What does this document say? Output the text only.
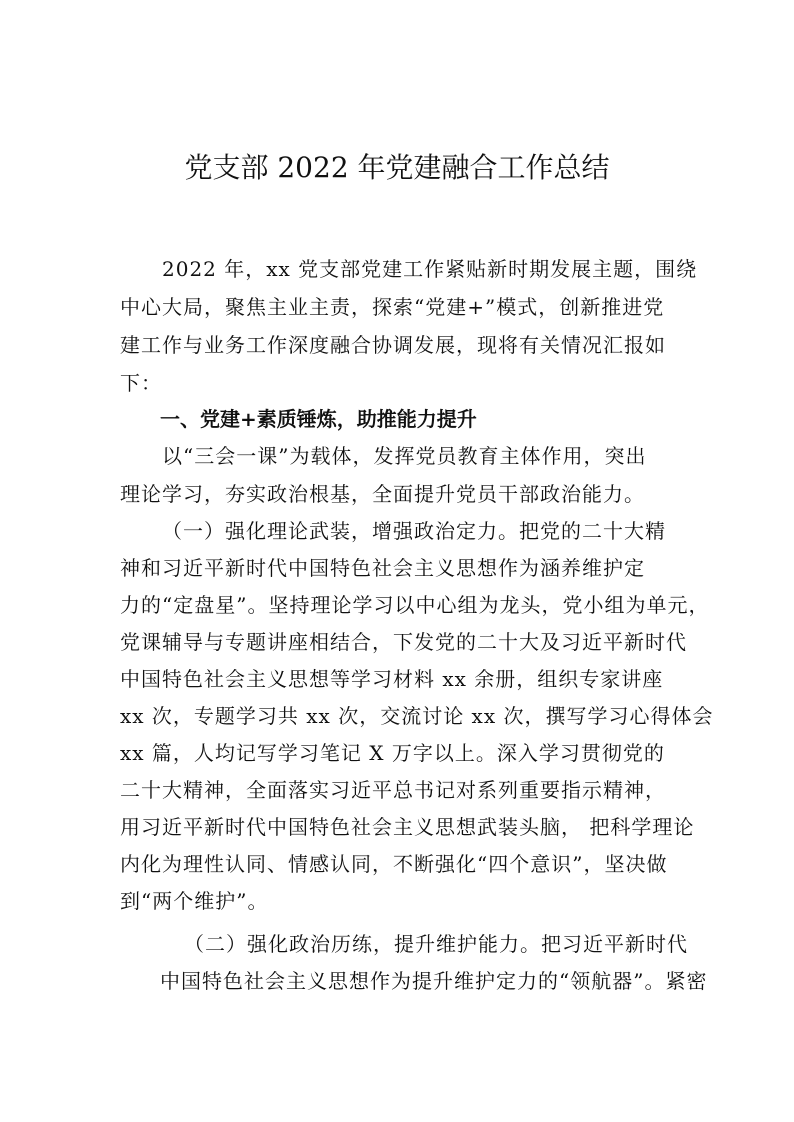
党支部 2022 年党建融合工作总结
2022 年，xx 党支部党建工作紧贴新时期发展主题，围绕
中心大局，聚焦主业主责，探索“党建+”模式，创新推进党
建工作与业务工作深度融合协调发展，现将有关情况汇报如
下：
一、党建+素质锤炼，助推能力提升
以“三会一课”为载体，发挥党员教育主体作用，突出
理论学习，夯实政治根基，全面提升党员干部政治能力。
（一）强化理论武装，增强政治定力。把党的二十大精
神和习近平新时代中国特色社会主义思想作为涵养维护定
力的“定盘星”。坚持理论学习以中心组为龙头，党小组为单元，
党课辅导与专题讲座相结合，下发党的二十大及习近平新时代
中国特色社会主义思想等学习材料 xx 余册，组织专家讲座
xx 次，专题学习共 xx 次，交流讨论 xx 次，撰写学习心得体会
xx 篇，人均记写学习笔记 X 万字以上。深入学习贯彻党的
二十大精神，全面落实习近平总书记对系列重要指示精神，
用习近平新时代中国特色社会主义思想武装头脑， 把科学理论
内化为理性认同、情感认同，不断强化“四个意识”，坚决做
到“两个维护”。
（二）强化政治历练，提升维护能力。把习近平新时代
中国特色社会主义思想作为提升维护定力的“领航器”。紧密
